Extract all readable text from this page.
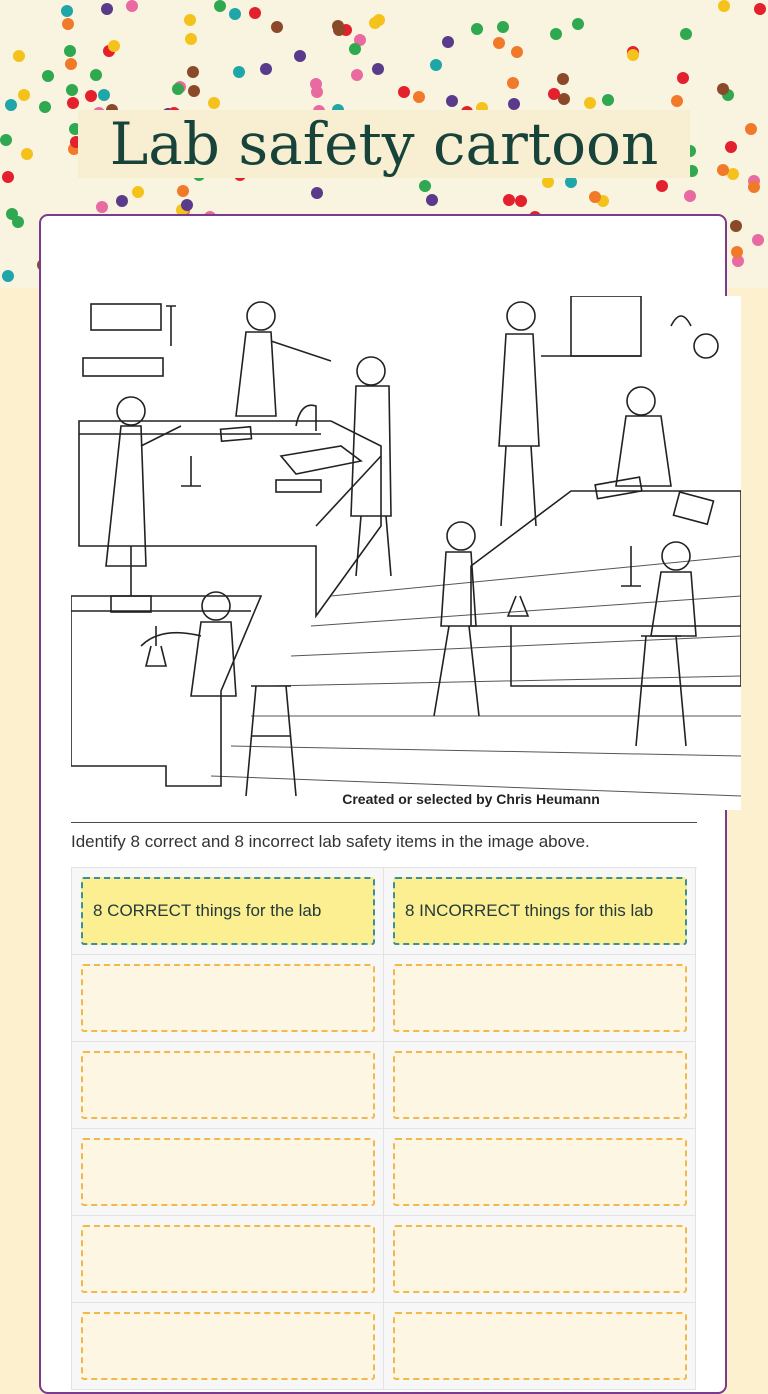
Lab safety cartoon
Created or selected by Chris Heumann
Identify 8 correct and 8 incorrect lab safety items in the image above.
8 CORRECT things for the lab	8 INCORRECT things for this lab
